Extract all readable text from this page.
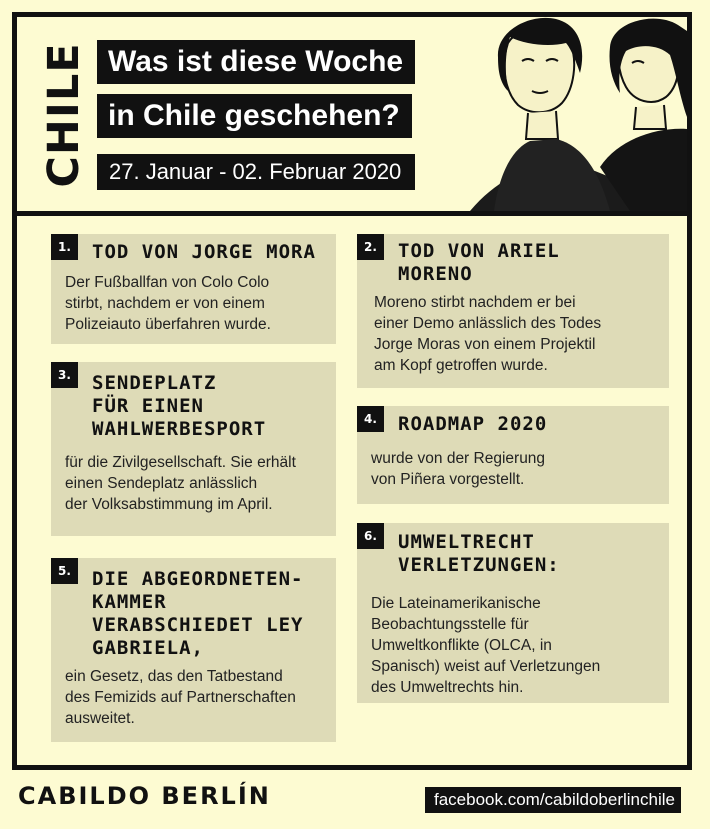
CHILE Was ist diese Woche
in Chile geschehen?
27. Januar - 02. Februar 2020
1.	TOD VON JORGE MORA
Der Fußballfan von Colo Colo
stirbt, nachdem er von einem
Polizeiauto überfahren wurde.
2.	TOD VON ARIEL
MORENO
Moreno stirbt nachdem er bei
einer Demo anlässlich des Todes
Jorge Moras von einem Projektil
am Kopf getroffen wurde.
3.	SENDEPLATZ
FÜR EINEN
WAHLWERBESPORT
für die Zivilgesellschaft. Sie erhält
einen Sendeplatz anlässlich
der Volksabstimmung im April.
4.	ROADMAP 2020
wurde von der Regierung
von Piñera vorgestellt.
5.	DIE ABGEORDNETEN-
KAMMER
VERABSCHIEDET LEY
GABRIELA,
ein Gesetz, das den Tatbestand
des Femizids auf Partnerschaften
ausweitet.
6.	UMWELTRECHT
VERLETZUNGEN:
Die Lateinamerikanische
Beobachtungsstelle für
Umweltkonflikte (OLCA, in
Spanisch) weist auf Verletzungen
des Umweltrechts hin.
CABILDO BERLÍN	facebook.com/cabildoberlinchile
